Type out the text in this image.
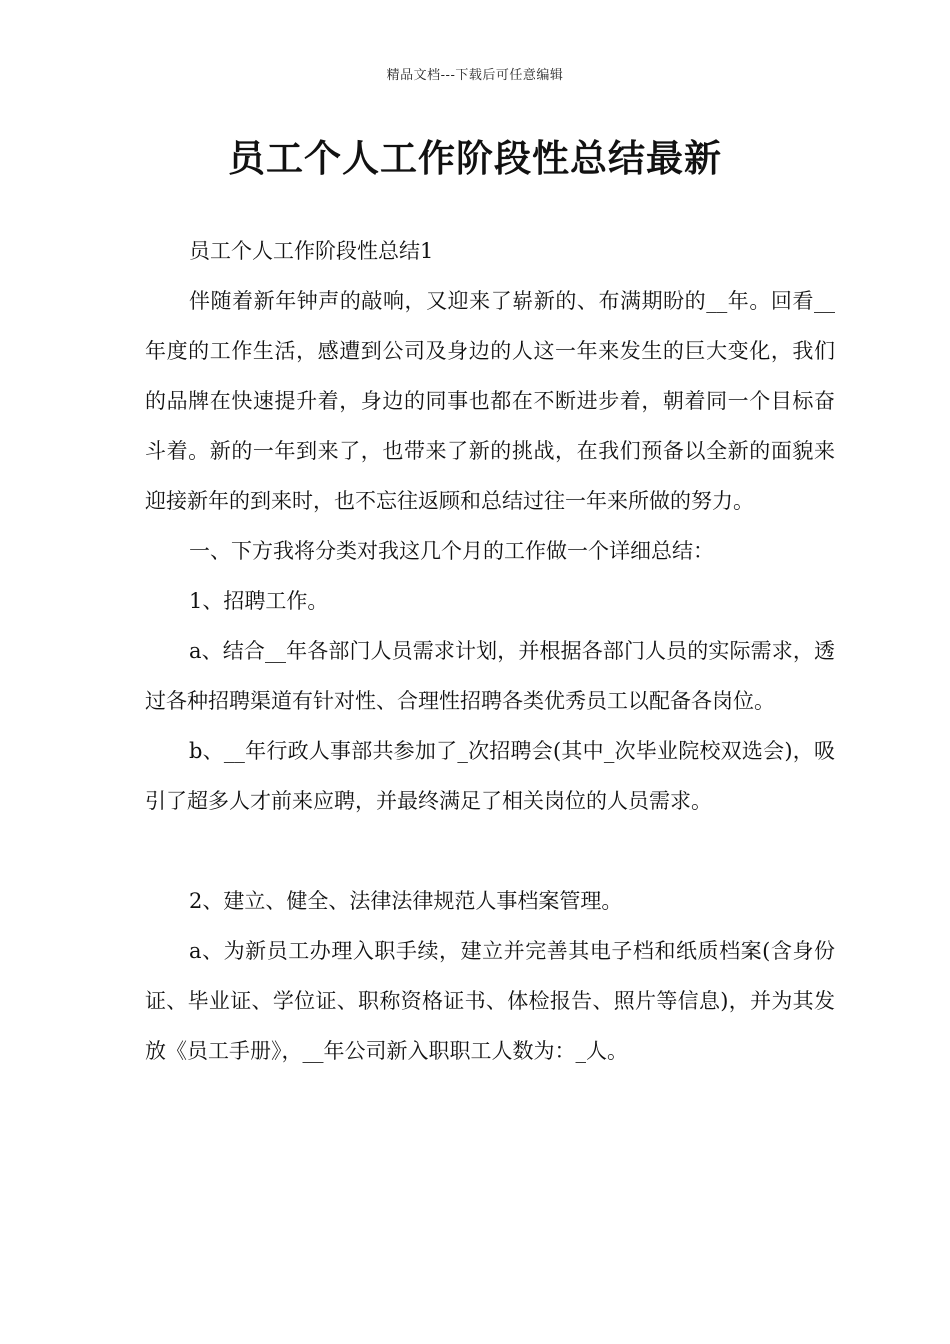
精品文档---下载后可任意编辑
员工个人工作阶段性总结最新

员工个人工作阶段性总结1

伴随着新年钟声的敲响，又迎来了崭新的、布满期盼的__年。回看__年度的工作生活，感遭到公司及身边的人这一年来发生的巨大变化，我们的品牌在快速提升着，身边的同事也都在不断进步着，朝着同一个目标奋斗着。新的一年到来了，也带来了新的挑战，在我们预备以全新的面貌来迎接新年的到来时，也不忘往返顾和总结过往一年来所做的努力。

一、下方我将分类对我这几个月的工作做一个详细总结：

1、招聘工作。

a、结合__年各部门人员需求计划，并根据各部门人员的实际需求，透过各种招聘渠道有针对性、合理性招聘各类优秀员工以配备各岗位。

b、__年行政人事部共参加了_次招聘会(其中_次毕业院校双选会)，吸引了超多人才前来应聘，并最终满足了相关岗位的人员需求。

2、建立、健全、法律法律规范人事档案管理。

a、为新员工办理入职手续，建立并完善其电子档和纸质档案(含身份证、毕业证、学位证、职称资格证书、体检报告、照片等信息)，并为其发放《员工手册》，__年公司新入职职工人数为：_人。
